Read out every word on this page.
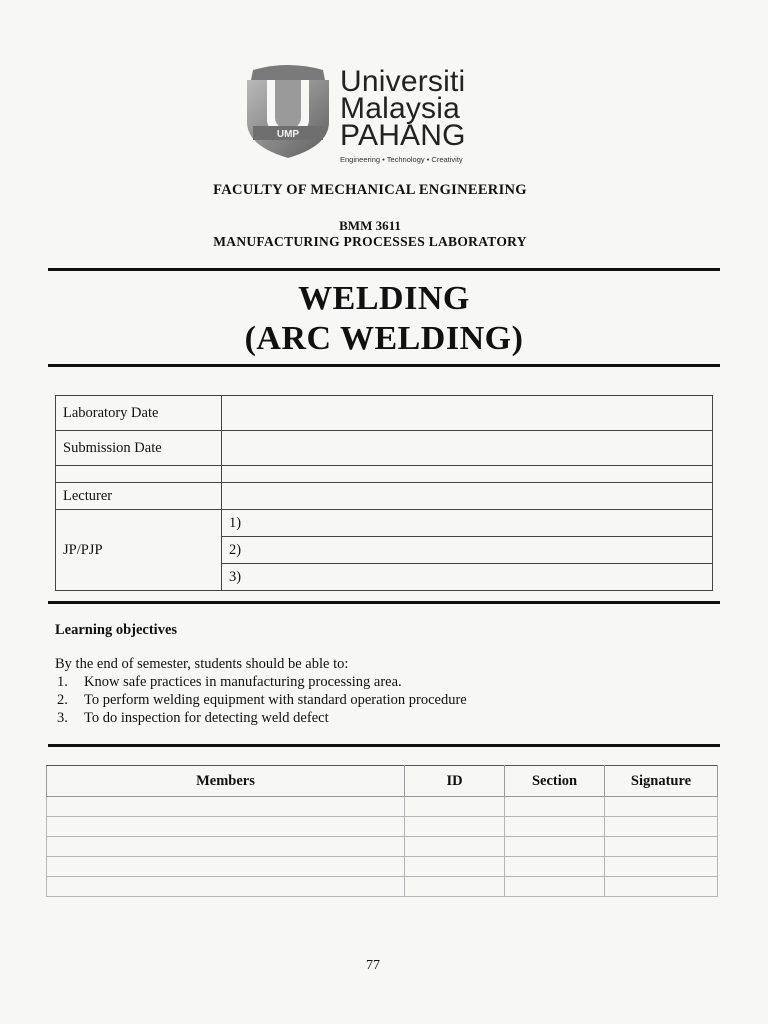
UMP
Universiti
Malaysia
PAHANG
Engineering • Technology • Creativity
FACULTY OF MECHANICAL ENGINEERING
BMM 3611
MANUFACTURING PROCESSES LABORATORY
WELDING
(ARC WELDING)
Laboratory Date	
Submission Date	

Lecturer	
JP/PJP	1)
	2)
	3)
Learning objectives
By the end of semester, students should be able to:
1.	Know safe practices in manufacturing processing area.
2.	To perform welding equipment with standard operation procedure
3.	To do inspection for detecting weld defect
Members	ID	Section	Signature

77
